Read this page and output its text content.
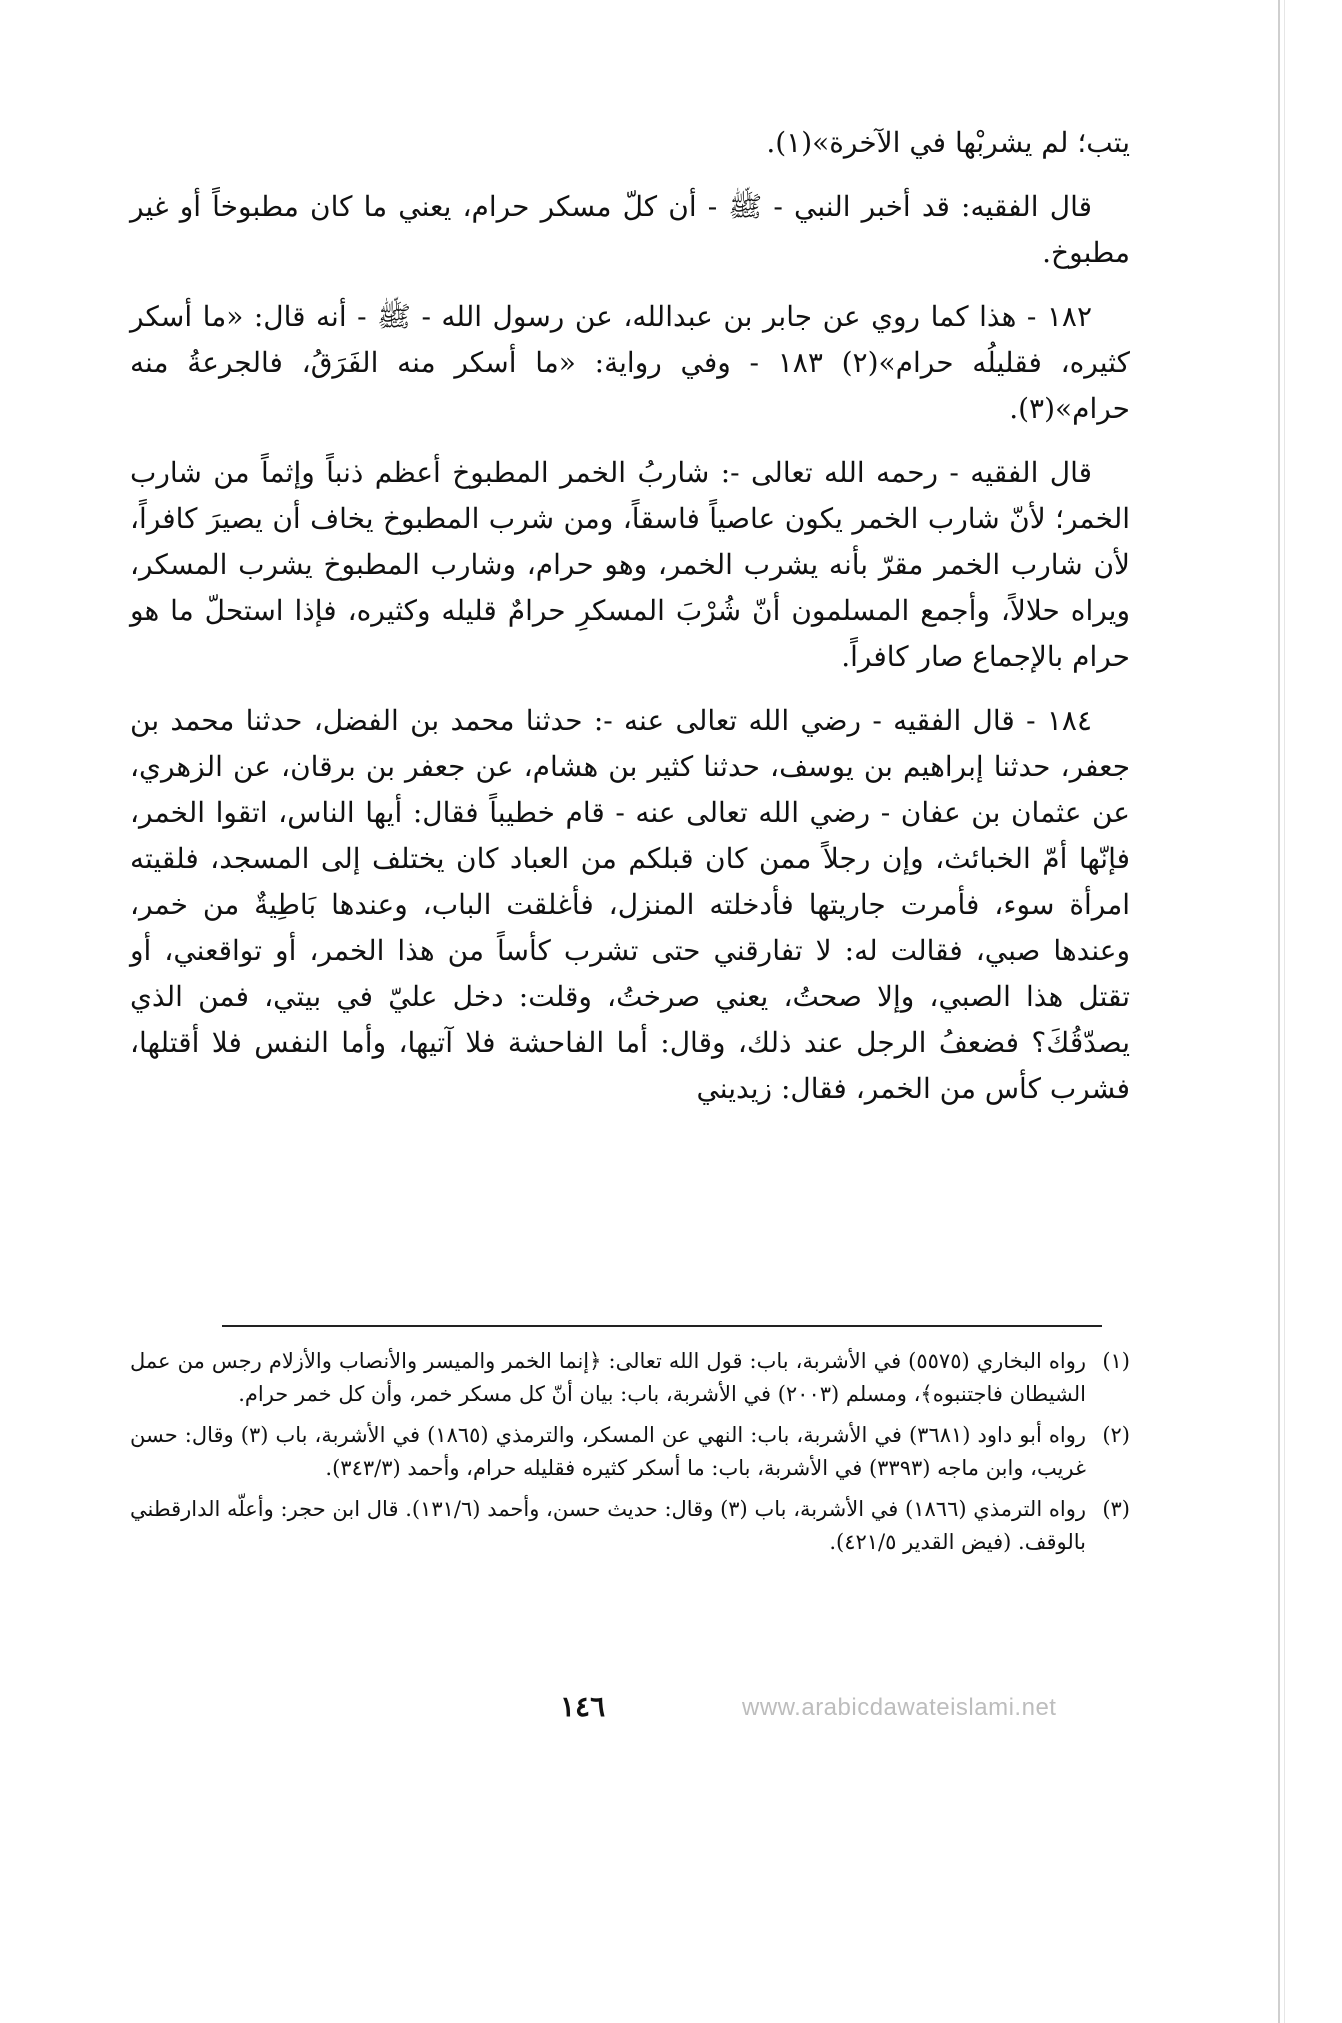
يتب؛ لم يشربْها في الآخرة»(١).

قال الفقيه: قد أخبر النبي - ﷺ - أن كلّ مسكر حرام، يعني ما كان مطبوخاً أو غير مطبوخ.

١٨٢ - هذا كما روي عن جابر بن عبدالله، عن رسول الله - ﷺ - أنه قال: «ما أسكر كثيره، فقليلُه حرام»(٢) ١٨٣ - وفي رواية: «ما أسكر منه الفَرَقُ، فالجرعةُ منه حرام»(٣).

قال الفقيه - رحمه الله تعالى -: شاربُ الخمر المطبوخ أعظم ذنباً وإثماً من شارب الخمر؛ لأنّ شارب الخمر يكون عاصياً فاسقاً، ومن شرب المطبوخ يخاف أن يصيرَ كافراً، لأن شارب الخمر مقرّ بأنه يشرب الخمر، وهو حرام، وشارب المطبوخ يشرب المسكر، ويراه حلالاً، وأجمع المسلمون أنّ شُرْبَ المسكرِ حرامٌ قليله وكثيره، فإذا استحلّ ما هو حرام بالإجماع صار كافراً.

١٨٤ - قال الفقيه - رضي الله تعالى عنه -: حدثنا محمد بن الفضل، حدثنا محمد بن جعفر، حدثنا إبراهيم بن يوسف، حدثنا كثير بن هشام، عن جعفر بن برقان، عن الزهري، عن عثمان بن عفان - رضي الله تعالى عنه - قام خطيباً فقال: أيها الناس، اتقوا الخمر، فإنّها أمّ الخبائث، وإن رجلاً ممن كان قبلكم من العباد كان يختلف إلى المسجد، فلقيته امرأة سوء، فأمرت جاريتها فأدخلته المنزل، فأغلقت الباب، وعندها بَاطِيةٌ من خمر، وعندها صبي، فقالت له: لا تفارقني حتى تشرب كأساً من هذا الخمر، أو تواقعني، أو تقتل هذا الصبي، وإلا صحتُ، يعني صرختُ، وقلت: دخل عليّ في بيتي، فمن الذي يصدّقُكَ؟ فضعفُ الرجل عند ذلك، وقال: أما الفاحشة فلا آتيها، وأما النفس فلا أقتلها، فشرب كأس من الخمر، فقال: زيديني

(١)
رواه البخاري (٥٥٧٥) في الأشربة، باب: قول الله تعالى: ﴿إنما الخمر والميسر والأنصاب والأزلام رجس من عمل الشيطان فاجتنبوه﴾، ومسلم (٢٠٠٣) في الأشربة، باب: بيان أنّ كل مسكر خمر، وأن كل خمر حرام.
(٢)
رواه أبو داود (٣٦٨١) في الأشربة، باب: النهي عن المسكر، والترمذي (١٨٦٥) في الأشربة، باب (٣) وقال: حسن غريب، وابن ماجه (٣٣٩٣) في الأشربة، باب: ما أسكر كثيره فقليله حرام، وأحمد (٣٤٣/٣).
(٣)
رواه الترمذي (١٨٦٦) في الأشربة، باب (٣) وقال: حديث حسن، وأحمد (١٣١/٦). قال ابن حجر: وأعلّه الدارقطني بالوقف. (فيض القدير ٤٢١/٥).
١٤٦	www.arabicdawateislami.net
